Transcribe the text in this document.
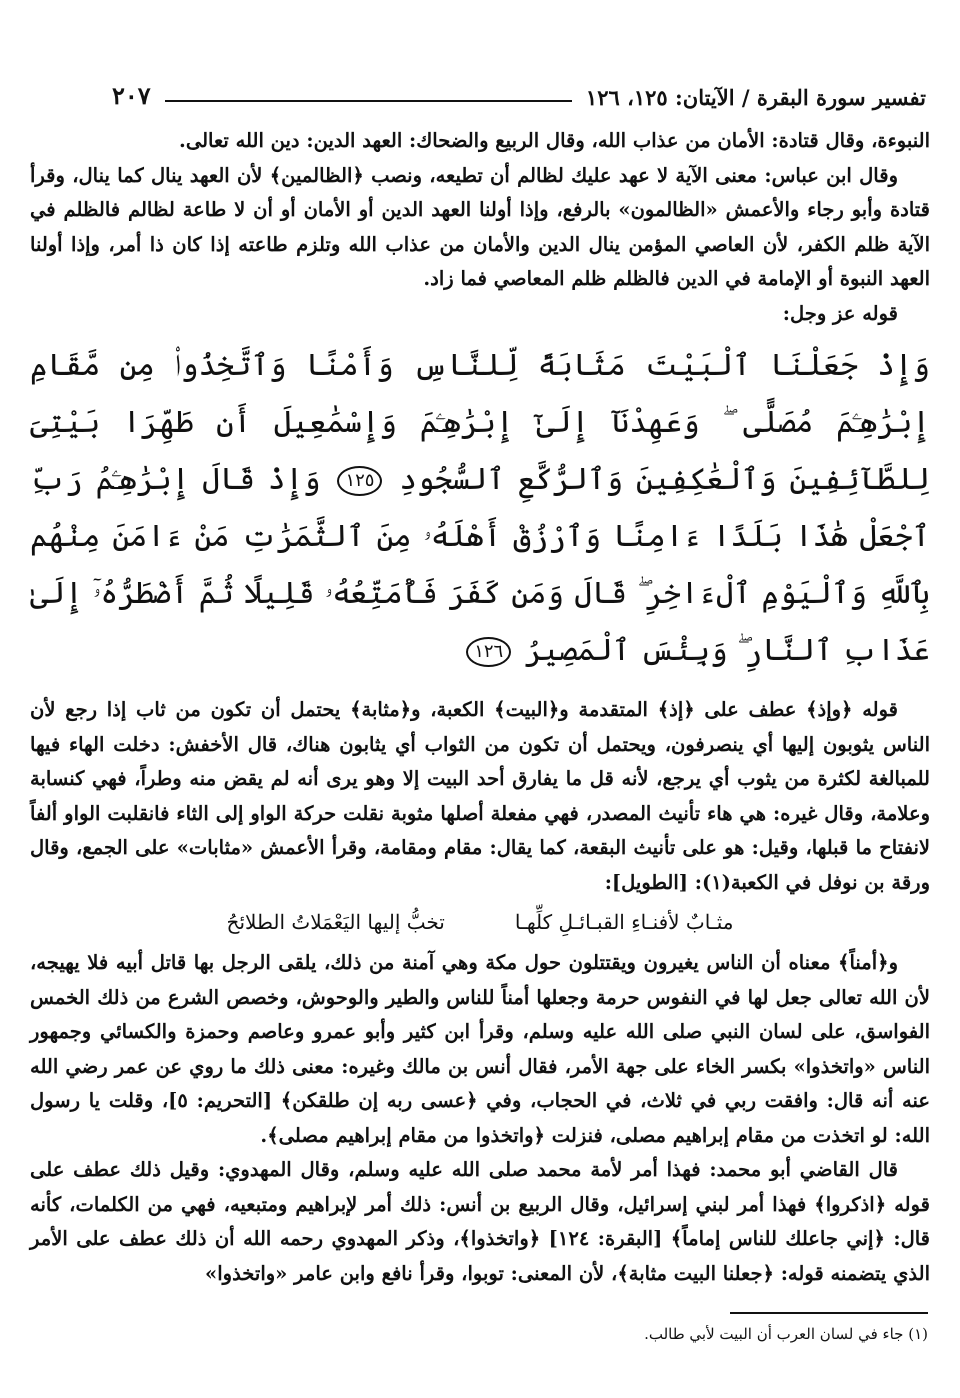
تفسير سورة البقرة / الآيتان: ١٢٥، ١٢٦
٢٠٧

النبوءة، وقال قتادة: الأمان من عذاب الله، وقال الربيع والضحاك: العهد الدين: دين الله تعالى.

وقال ابن عباس: معنى الآية لا عهد عليك لظالم أن تطيعه، ونصب ﴿الظالمين﴾ لأن العهد ينال كما ينال، وقرأ قتادة وأبو رجاء والأعمش «الظالمون» بالرفع، وإذا أولنا العهد الدين أو الأمان أو أن لا طاعة لظالم فالظلم في الآية ظلم الكفر، لأن العاصي المؤمن ينال الدين والأمان من عذاب الله وتلزم طاعته إذا كان ذا أمر، وإذا أولنا العهد النبوة أو الإمامة في الدين فالظلم ظلم المعاصي فما زاد.

قوله عز وجل:

وَإِذْ جَعَلْنَا ٱلْبَيْتَ مَثَابَةً لِّلنَّاسِ وَأَمْنًا وَٱتَّخِذُوا۟ مِن مَّقَامِ إِبْرَٰهِـۧمَ مُصَلًّى ۖ وَعَهِدْنَآ إِلَىٰٓ إِبْرَٰهِـۧمَ وَإِسْمَٰعِيلَ أَن طَهِّرَا بَيْتِىَ لِلطَّآئِفِينَ وَٱلْعَٰكِفِينَ وَٱلرُّكَّعِ ٱلسُّجُودِ ١٢٥ وَإِذْ قَالَ إِبْرَٰهِـۧمُ رَبِّ ٱجْعَلْ هَٰذَا بَلَدًا ءَامِنًا وَٱرْزُقْ أَهْلَهُۥ مِنَ ٱلثَّمَرَٰتِ مَنْ ءَامَنَ مِنْهُم بِٱللَّهِ وَٱلْيَوْمِ ٱلْءَاخِرِ ۖ قَالَ وَمَن كَفَرَ فَأُمَتِّعُهُۥ قَلِيلًا ثُمَّ أَضْطَرُّهُۥٓ إِلَىٰ عَذَابِ ٱلنَّارِ ۖ وَبِئْسَ ٱلْمَصِيرُ ١٢٦

قوله ﴿وإذ﴾ عطف على ﴿إذ﴾ المتقدمة و﴿البيت﴾ الكعبة، و﴿مثابة﴾ يحتمل أن تكون من ثاب إذا رجع لأن الناس يثوبون إليها أي ينصرفون، ويحتمل أن تكون من الثواب أي يثابون هناك، قال الأخفش: دخلت الهاء فيها للمبالغة لكثرة من يثوب أي يرجع، لأنه قل ما يفارق أحد البيت إلا وهو يرى أنه لم يقض منه وطراً، فهي كنسابة وعلامة، وقال غيره: هي هاء تأنيث المصدر، فهي مفعلة أصلها مثوبة نقلت حركة الواو إلى الثاء فانقلبت الواو ألفاً لانفتاح ما قبلها، وقيل: هو على تأنيث البقعة، كما يقال: مقام ومقامة، وقرأ الأعمش «مثابات» على الجمع، وقال ورقة بن نوفل في الكعبة(١): [الطويل]:

مثـابٌ لأفنـاءِ القبـائـلِ كلِّهـا
تخبُّ إليها اليَعْمَلاتُ الطلائحُ

و﴿أمناً﴾ معناه أن الناس يغيرون ويقتتلون حول مكة وهي آمنة من ذلك، يلقى الرجل بها قاتل أبيه فلا يهيجه، لأن الله تعالى جعل لها في النفوس حرمة وجعلها أمناً للناس والطير والوحوش، وخصص الشرع من ذلك الخمس الفواسق، على لسان النبي صلى الله عليه وسلم، وقرأ ابن كثير وأبو عمرو وعاصم وحمزة والكسائي وجمهور الناس «واتخذوا» بكسر الخاء على جهة الأمر، فقال أنس بن مالك وغيره: معنى ذلك ما روي عن عمر رضي الله عنه أنه قال: وافقت ربي في ثلاث، في الحجاب، وفي ﴿عسى ربه إن طلقكن﴾ [التحريم: ٥]، وقلت يا رسول الله: لو اتخذت من مقام إبراهيم مصلى، فنزلت ﴿واتخذوا من مقام إبراهيم مصلى﴾.

قال القاضي أبو محمد: فهذا أمر لأمة محمد صلى الله عليه وسلم، وقال المهدوي: وقيل ذلك عطف على قوله ﴿اذكروا﴾ فهذا أمر لبني إسرائيل، وقال الربيع بن أنس: ذلك أمر لإبراهيم ومتبعيه، فهي من الكلمات، كأنه قال: ﴿إني جاعلك للناس إماماً﴾ [البقرة: ١٢٤] ﴿واتخذوا﴾، وذكر المهدوي رحمه الله أن ذلك عطف على الأمر الذي يتضمنه قوله: ﴿جعلنا البيت مثابة﴾، لأن المعنى: توبوا، وقرأ نافع وابن عامر «واتخذوا»

(١) جاء في لسان العرب أن البيت لأبي طالب.
